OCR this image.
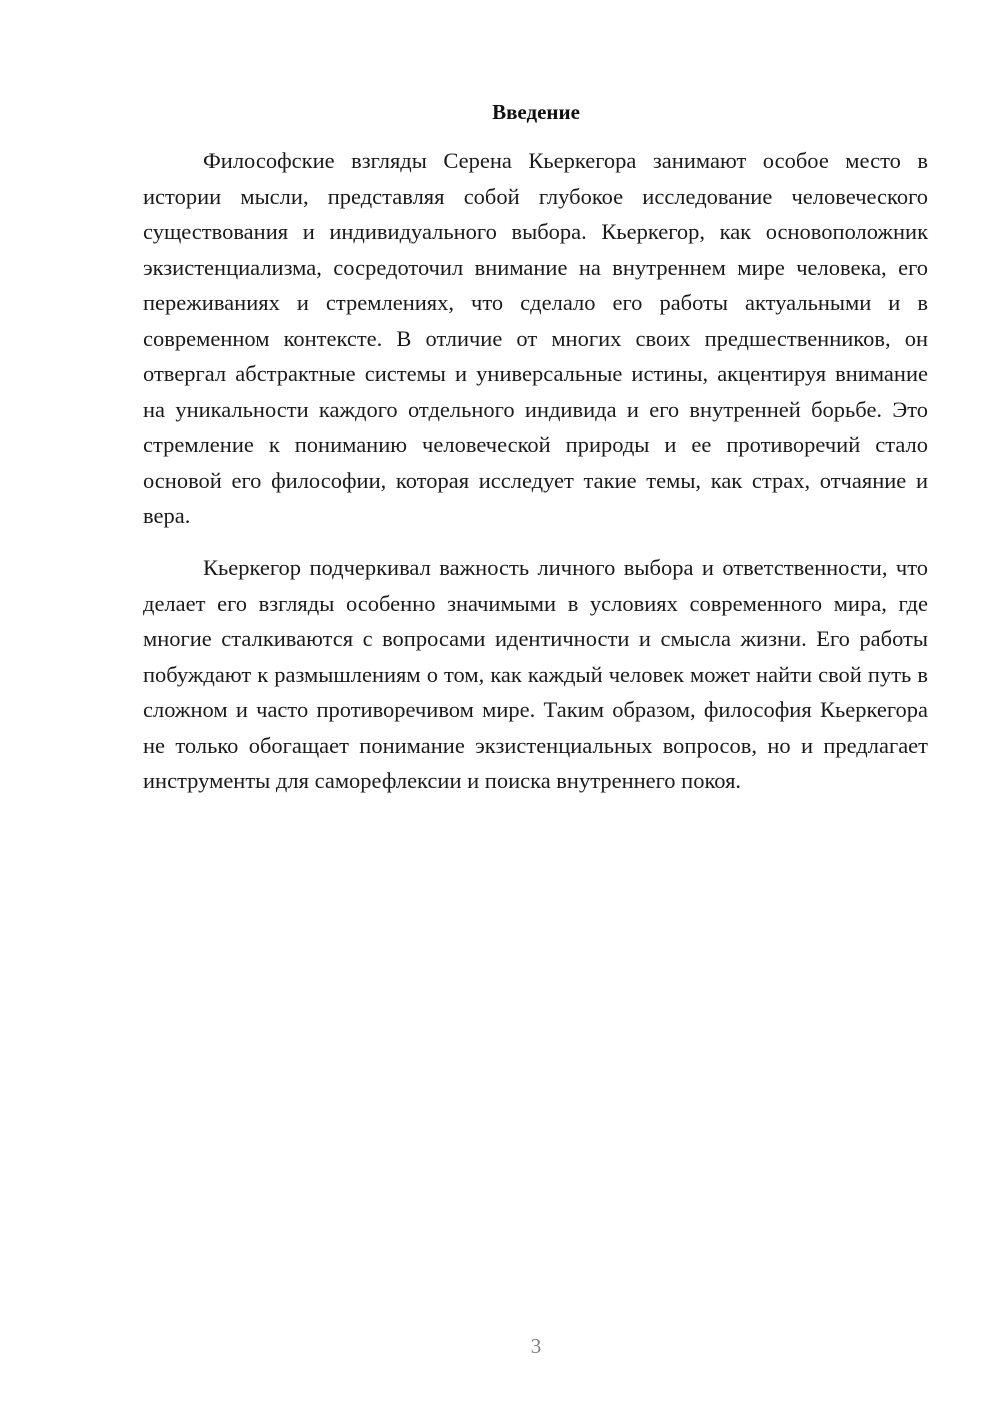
Введение

Философские взгляды Серена Кьеркегора занимают особое место в истории мысли, представляя собой глубокое исследование человеческого существования и индивидуального выбора. Кьеркегор, как основоположник экзистенциализма, сосредоточил внимание на внутреннем мире человека, его переживаниях и стремлениях, что сделало его работы актуальными и в современном контексте. В отличие от многих своих предшественников, он отвергал абстрактные системы и универсальные истины, акцентируя внимание на уникальности каждого отдельного индивида и его внутренней борьбе. Это стремление к пониманию человеческой природы и ее противоречий стало основой его философии, которая исследует такие темы, как страх, отчаяние и вера.

Кьеркегор подчеркивал важность личного выбора и ответственности, что делает его взгляды особенно значимыми в условиях современного мира, где многие сталкиваются с вопросами идентичности и смысла жизни. Его работы побуждают к размышлениям о том, как каждый человек может найти свой путь в сложном и часто противоречивом мире. Таким образом, философия Кьеркегора не только обогащает понимание экзистенциальных вопросов, но и предлагает инструменты для саморефлексии и поиска внутреннего покоя.

3
